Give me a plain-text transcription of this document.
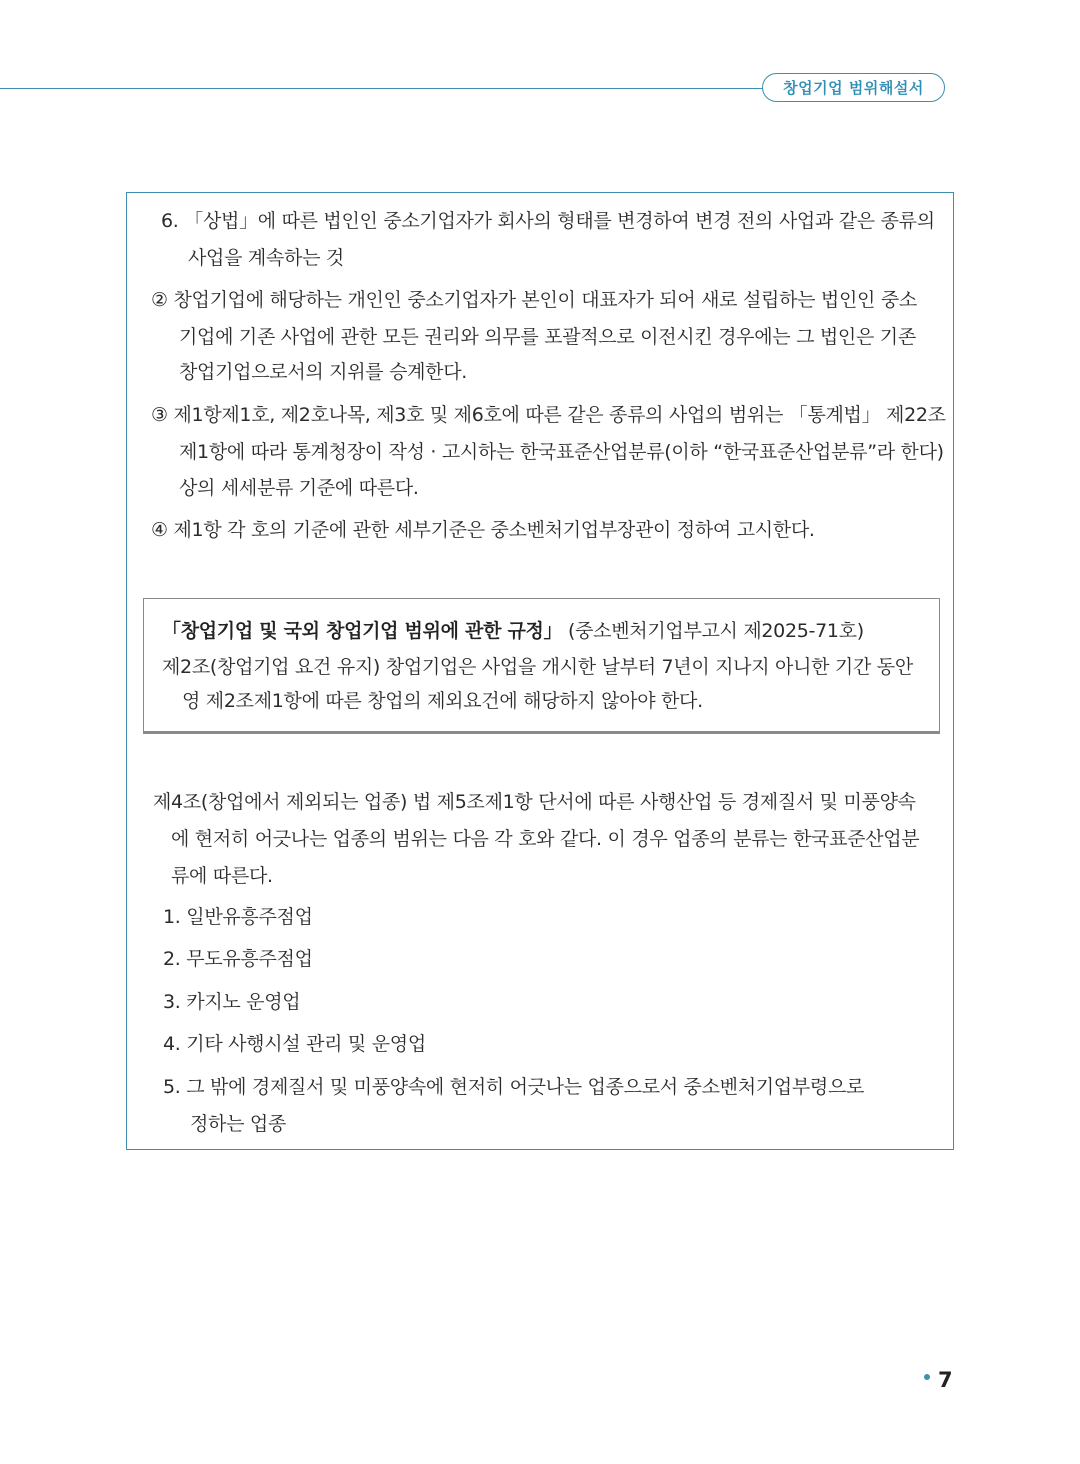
창업기업 범위해설서
6. 「상법」에 따른 법인인 중소기업자가 회사의 형태를 변경하여 변경 전의 사업과 같은 종류의
사업을 계속하는 것
② 창업기업에 해당하는 개인인 중소기업자가 본인이 대표자가 되어 새로 설립하는 법인인 중소
기업에 기존 사업에 관한 모든 권리와 의무를 포괄적으로 이전시킨 경우에는 그 법인은 기존
창업기업으로서의 지위를 승계한다.
③ 제1항제1호, 제2호나목, 제3호 및 제6호에 따른 같은 종류의 사업의 범위는 「통계법」 제22조
제1항에 따라 통계청장이 작성 · 고시하는 한국표준산업분류(이하 “한국표준산업분류”라 한다)
상의 세세분류 기준에 따른다.
④ 제1항 각 호의 기준에 관한 세부기준은 중소벤처기업부장관이 정하여 고시한다.
「창업기업 및 국외 창업기업 범위에 관한 규정」 (중소벤처기업부고시 제2025-71호)
제2조(창업기업 요건 유지) 창업기업은 사업을 개시한 날부터 7년이 지나지 아니한 기간 동안
영 제2조제1항에 따른 창업의 제외요건에 해당하지 않아야 한다.
제4조(창업에서 제외되는 업종) 법 제5조제1항 단서에 따른 사행산업 등 경제질서 및 미풍양속
에 현저히 어긋나는 업종의 범위는 다음 각 호와 같다. 이 경우 업종의 분류는 한국표준산업분
류에 따른다.
1. 일반유흥주점업
2. 무도유흥주점업
3. 카지노 운영업
4. 기타 사행시설 관리 및 운영업
5. 그 밖에 경제질서 및 미풍양속에 현저히 어긋나는 업종으로서 중소벤처기업부령으로
정하는 업종
7
